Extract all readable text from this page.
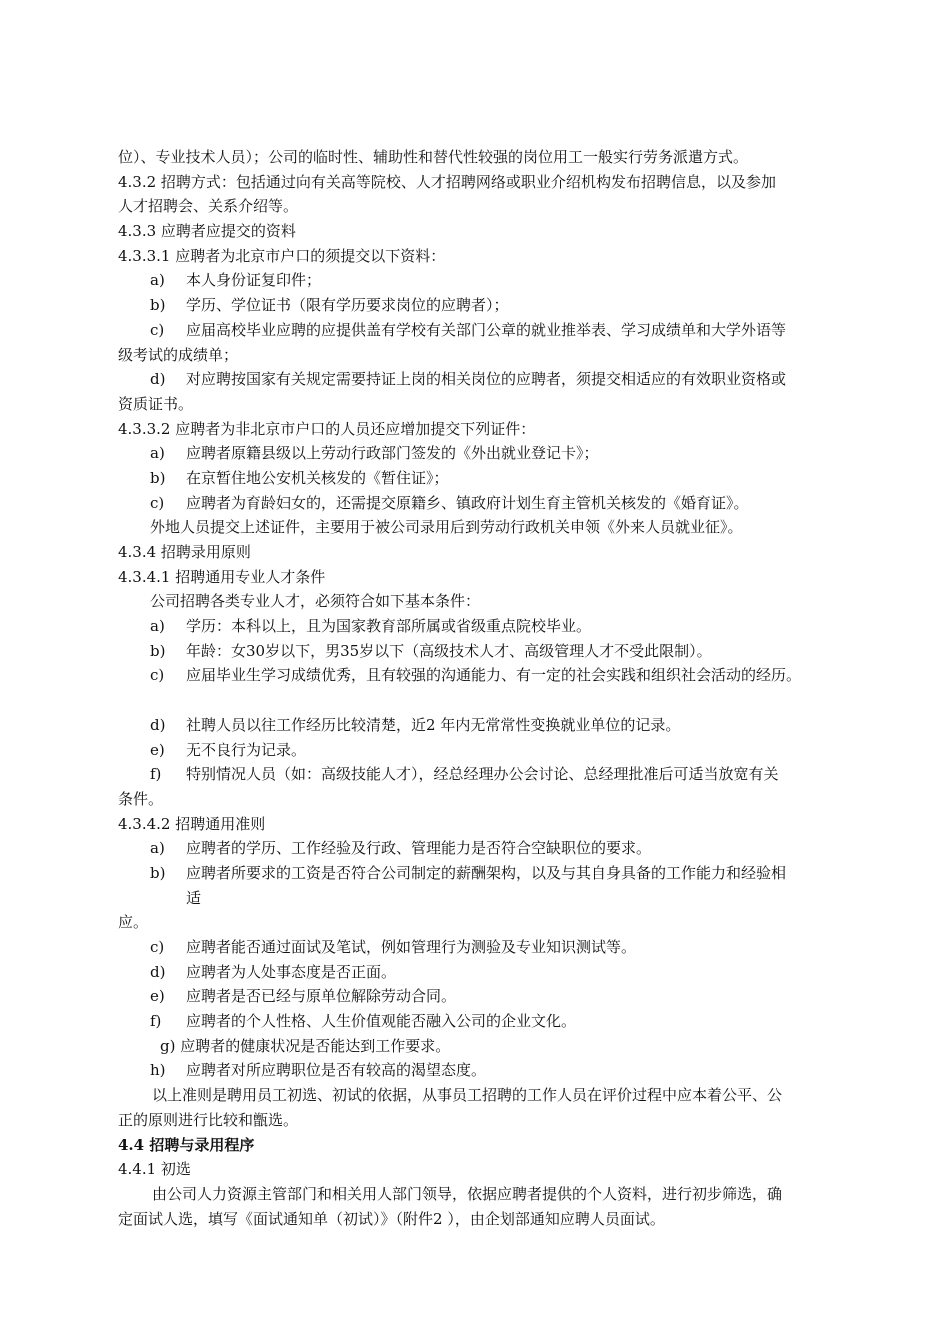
位）、专业技术人员）；公司的临时性、辅助性和替代性较强的岗位用工一般实行劳务派遣方式。
4.3.2 招聘方式：包括通过向有关高等院校、人才招聘网络或职业介绍机构发布招聘信息，以及参加
人才招聘会、关系介绍等。
4.3.3 应聘者应提交的资料
4.3.3.1 应聘者为北京市户口的须提交以下资料：
a) 本人身份证复印件；
b) 学历、学位证书（限有学历要求岗位的应聘者）；
c) 应届高校毕业应聘的应提供盖有学校有关部门公章的就业推举表、学习成绩单和大学外语等
级考试的成绩单；
d) 对应聘按国家有关规定需要持证上岗的相关岗位的应聘者，须提交相适应的有效职业资格或
资质证书。
4.3.3.2 应聘者为非北京市户口的人员还应增加提交下列证件：
a) 应聘者原籍县级以上劳动行政部门签发的《外出就业登记卡》；
b) 在京暂住地公安机关核发的《暂住证》；
c) 应聘者为育龄妇女的，还需提交原籍乡、镇政府计划生育主管机关核发的《婚育证》。
外地人员提交上述证件，主要用于被公司录用后到劳动行政机关申领《外来人员就业征》。
4.3.4 招聘录用原则
4.3.4.1 招聘通用专业人才条件
公司招聘各类专业人才，必须符合如下基本条件：
a) 学历：本科以上，且为国家教育部所属或省级重点院校毕业。
b) 年龄：女30岁以下，男35岁以下（高级技术人才、高级管理人才不受此限制）。
c) 应届毕业生学习成绩优秀，且有较强的沟通能力、有一定的社会实践和组织社会活动的经历。
d) 社聘人员以往工作经历比较清楚，近2 年内无常常性变换就业单位的记录。
e) 无不良行为记录。
f) 特别情况人员（如：高级技能人才），经总经理办公会讨论、总经理批准后可适当放宽有关
条件。
4.3.4.2 招聘通用准则
a) 应聘者的学历、工作经验及行政、管理能力是否符合空缺职位的要求。
b) 应聘者所要求的工资是否符合公司制定的薪酬架构，以及与其自身具备的工作能力和经验相
适
应。
c) 应聘者能否通过面试及笔试，例如管理行为测验及专业知识测试等。
d) 应聘者为人处事态度是否正面。
e) 应聘者是否已经与原单位解除劳动合同。
f) 应聘者的个人性格、人生价值观能否融入公司的企业文化。
g) 应聘者的健康状况是否能达到工作要求。
h) 应聘者对所应聘职位是否有较高的渴望态度。
以上准则是聘用员工初选、初试的依据，从事员工招聘的工作人员在评价过程中应本着公平、公
正的原则进行比较和甑选。
4.4 招聘与录用程序
4.4.1 初选
由公司人力资源主管部门和相关用人部门领导，依据应聘者提供的个人资料，进行初步筛选，确
定面试人选，填写《面试通知单（初试）》（附件2 ），由企划部通知应聘人员面试。
